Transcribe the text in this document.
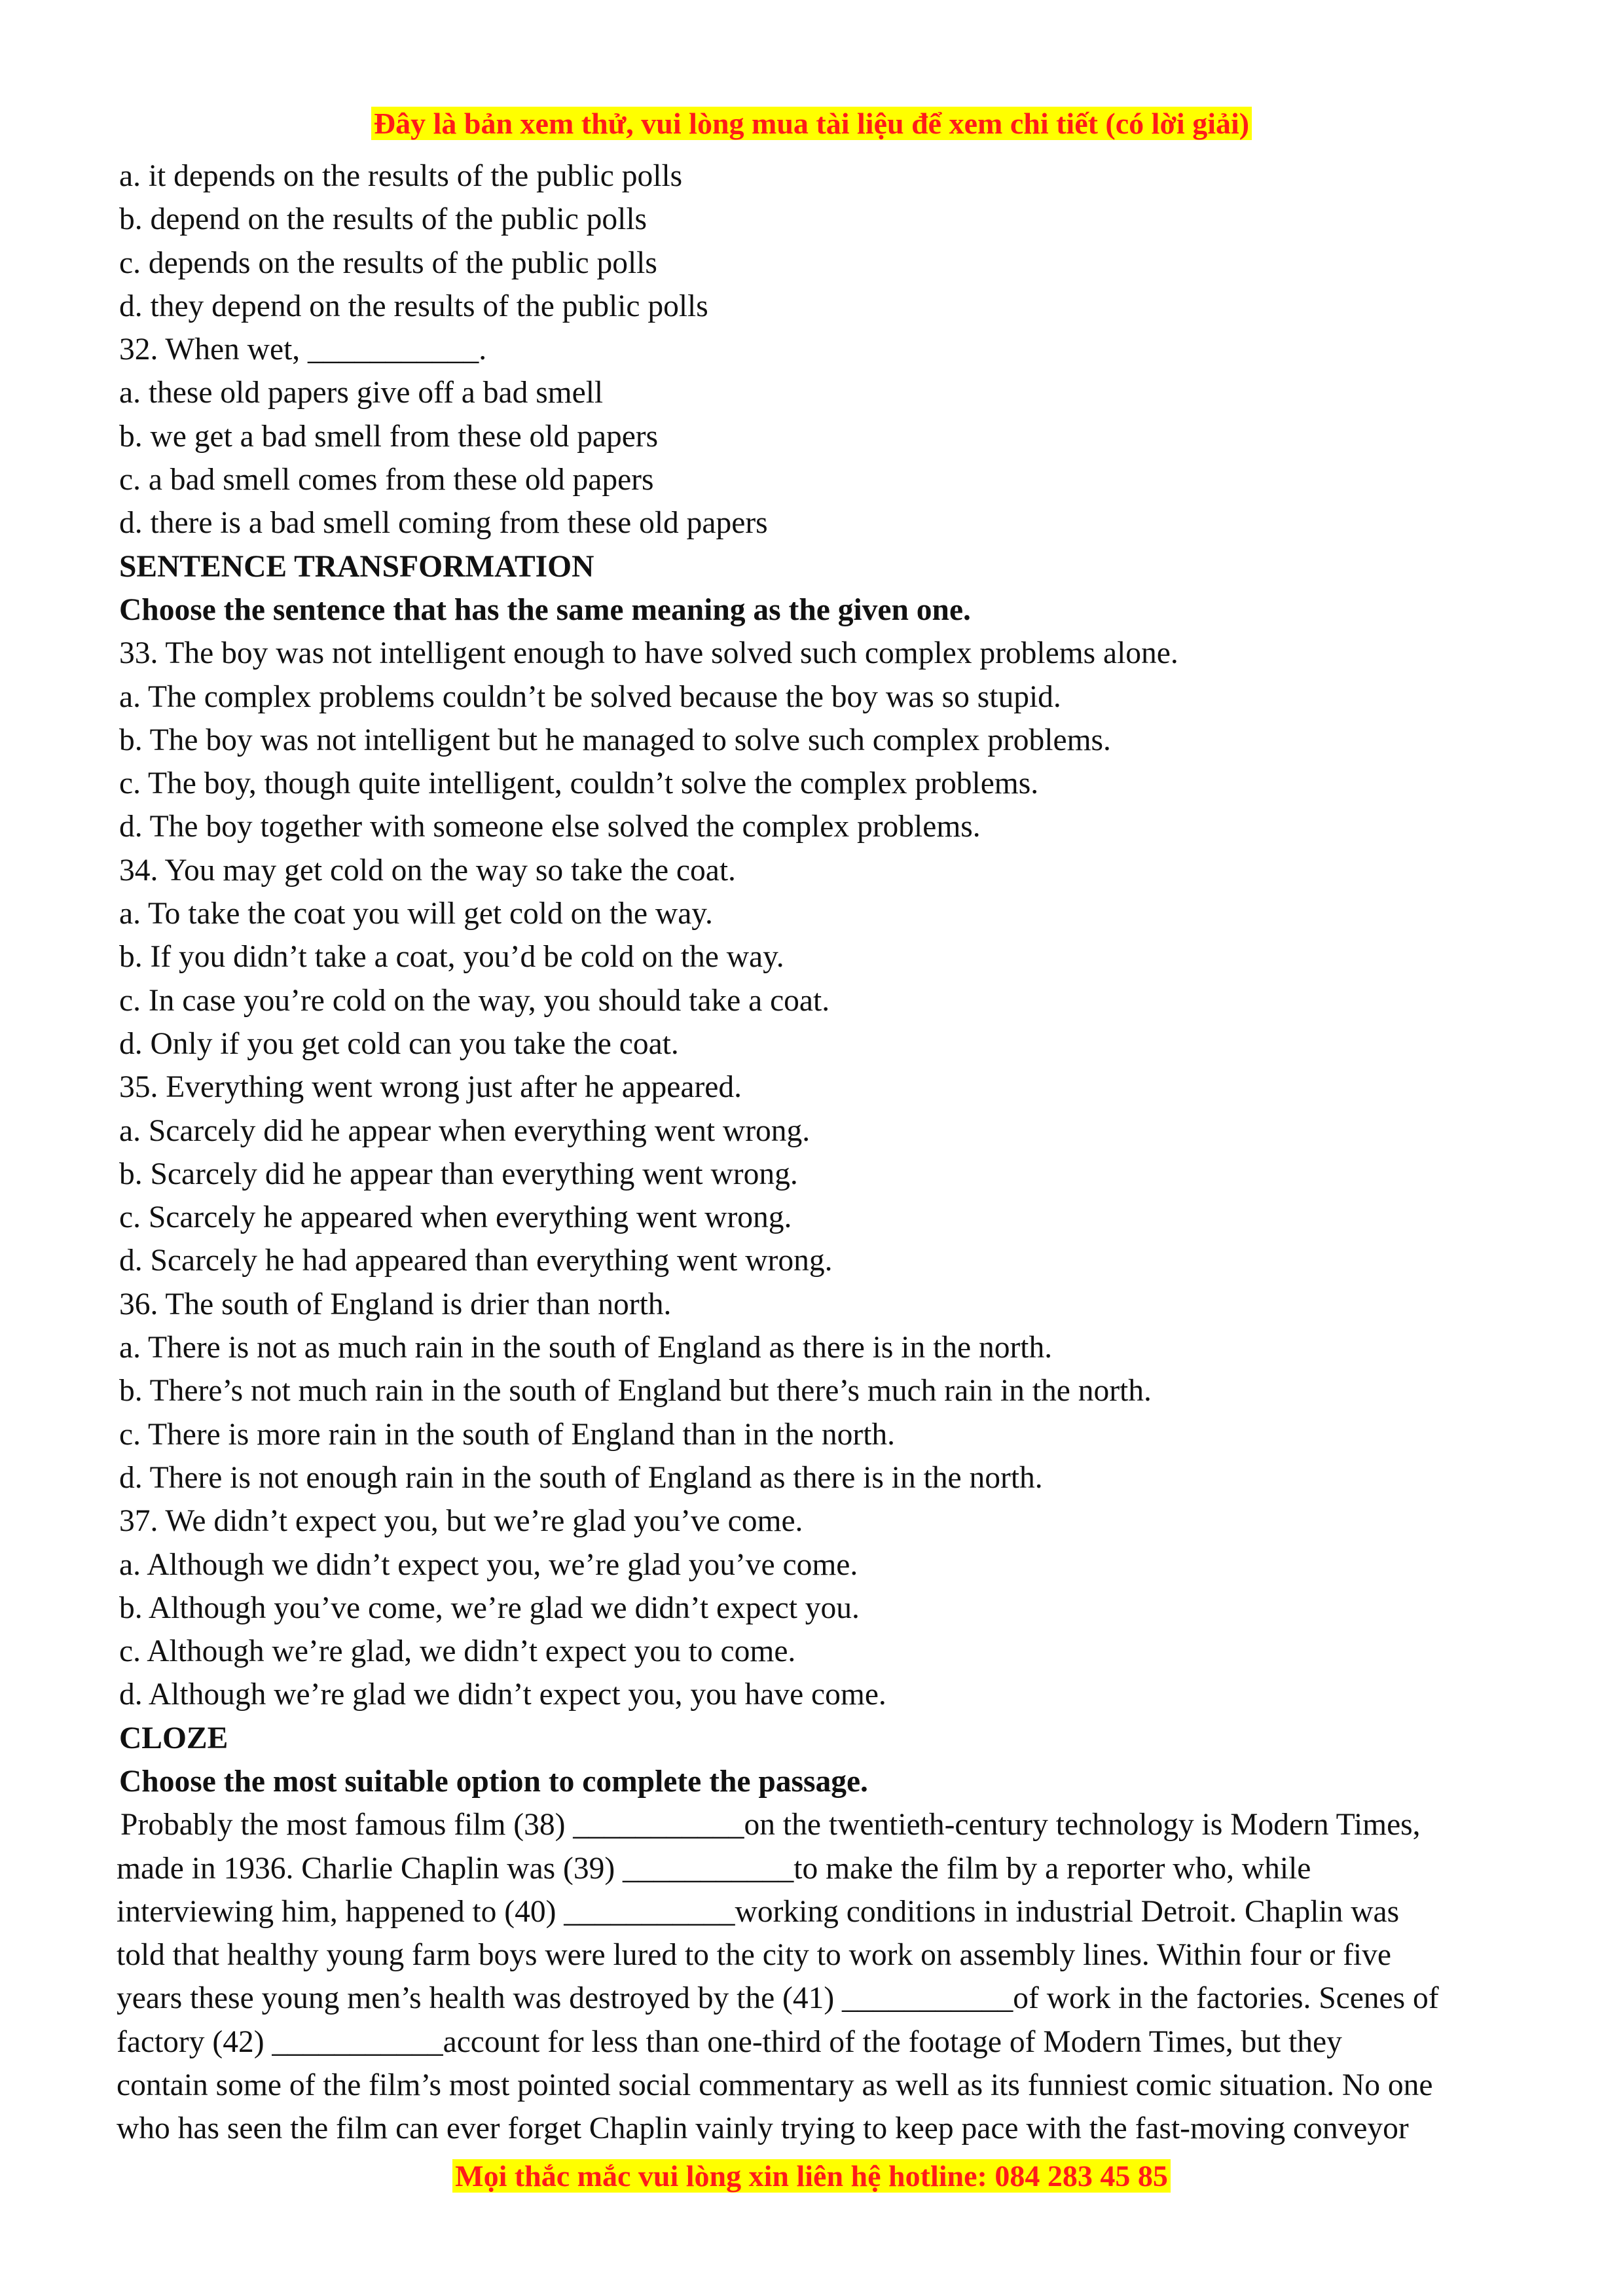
Đây là bản xem thử, vui lòng mua tài liệu để xem chi tiết (có lời giải)
a. it depends on the results of the public polls
b. depend on the results of the public polls
c. depends on the results of the public polls
d. they depend on the results of the public polls
32. When wet, ___________.
a. these old papers give off a bad smell
b. we get a bad smell from these old papers
c. a bad smell comes from these old papers
d. there is a bad smell coming from these old papers
SENTENCE TRANSFORMATION
Choose the sentence that has the same meaning as the given one.
33. The boy was not intelligent enough to have solved such complex problems alone.
a. The complex problems couldn’t be solved because the boy was so stupid.
b. The boy was not intelligent but he managed to solve such complex problems.
c. The boy, though quite intelligent, couldn’t solve the complex problems.
d. The boy together with someone else solved the complex problems.
34. You may get cold on the way so take the coat.
a. To take the coat you will get cold on the way.
b. If you didn’t take a coat, you’d be cold on the way.
c. In case you’re cold on the way, you should take a coat.
d. Only if you get cold can you take the coat.
35. Everything went wrong just after he appeared.
a. Scarcely did he appear when everything went wrong.
b. Scarcely did he appear than everything went wrong.
c. Scarcely he appeared when everything went wrong.
d. Scarcely he had appeared than everything went wrong.
36. The south of England is drier than north.
a. There is not as much rain in the south of England as there is in the north.
b. There’s not much rain in the south of England but there’s much rain in the north.
c. There is more rain in the south of England than in the north.
d. There is not enough rain in the south of England as there is in the north.
37. We didn’t expect you, but we’re glad you’ve come.
a. Although we didn’t expect you, we’re glad you’ve come.
b. Although you’ve come, we’re glad we didn’t expect you.
c. Although we’re glad, we didn’t expect you to come.
d. Although we’re glad we didn’t expect you, you have come.
CLOZE
Choose the most suitable option to complete the passage.
Probably the most famous film (38) ___________on the twentieth-century technology is Modern Times,
made in 1936. Charlie Chaplin was (39) ___________to make the film by a reporter who, while
interviewing him, happened to (40) ___________working conditions in industrial Detroit. Chaplin was
told that healthy young farm boys were lured to the city to work on assembly lines. Within four or five
years these young men’s health was destroyed by the (41) ___________of work in the factories. Scenes of
factory (42) ___________account for less than one-third of the footage of Modern Times, but they
contain some of the film’s most pointed social commentary as well as its funniest comic situation. No one
who has seen the film can ever forget Chaplin vainly trying to keep pace with the fast-moving conveyor
Mọi thắc mắc vui lòng xin liên hệ hotline: 084 283 45 85
